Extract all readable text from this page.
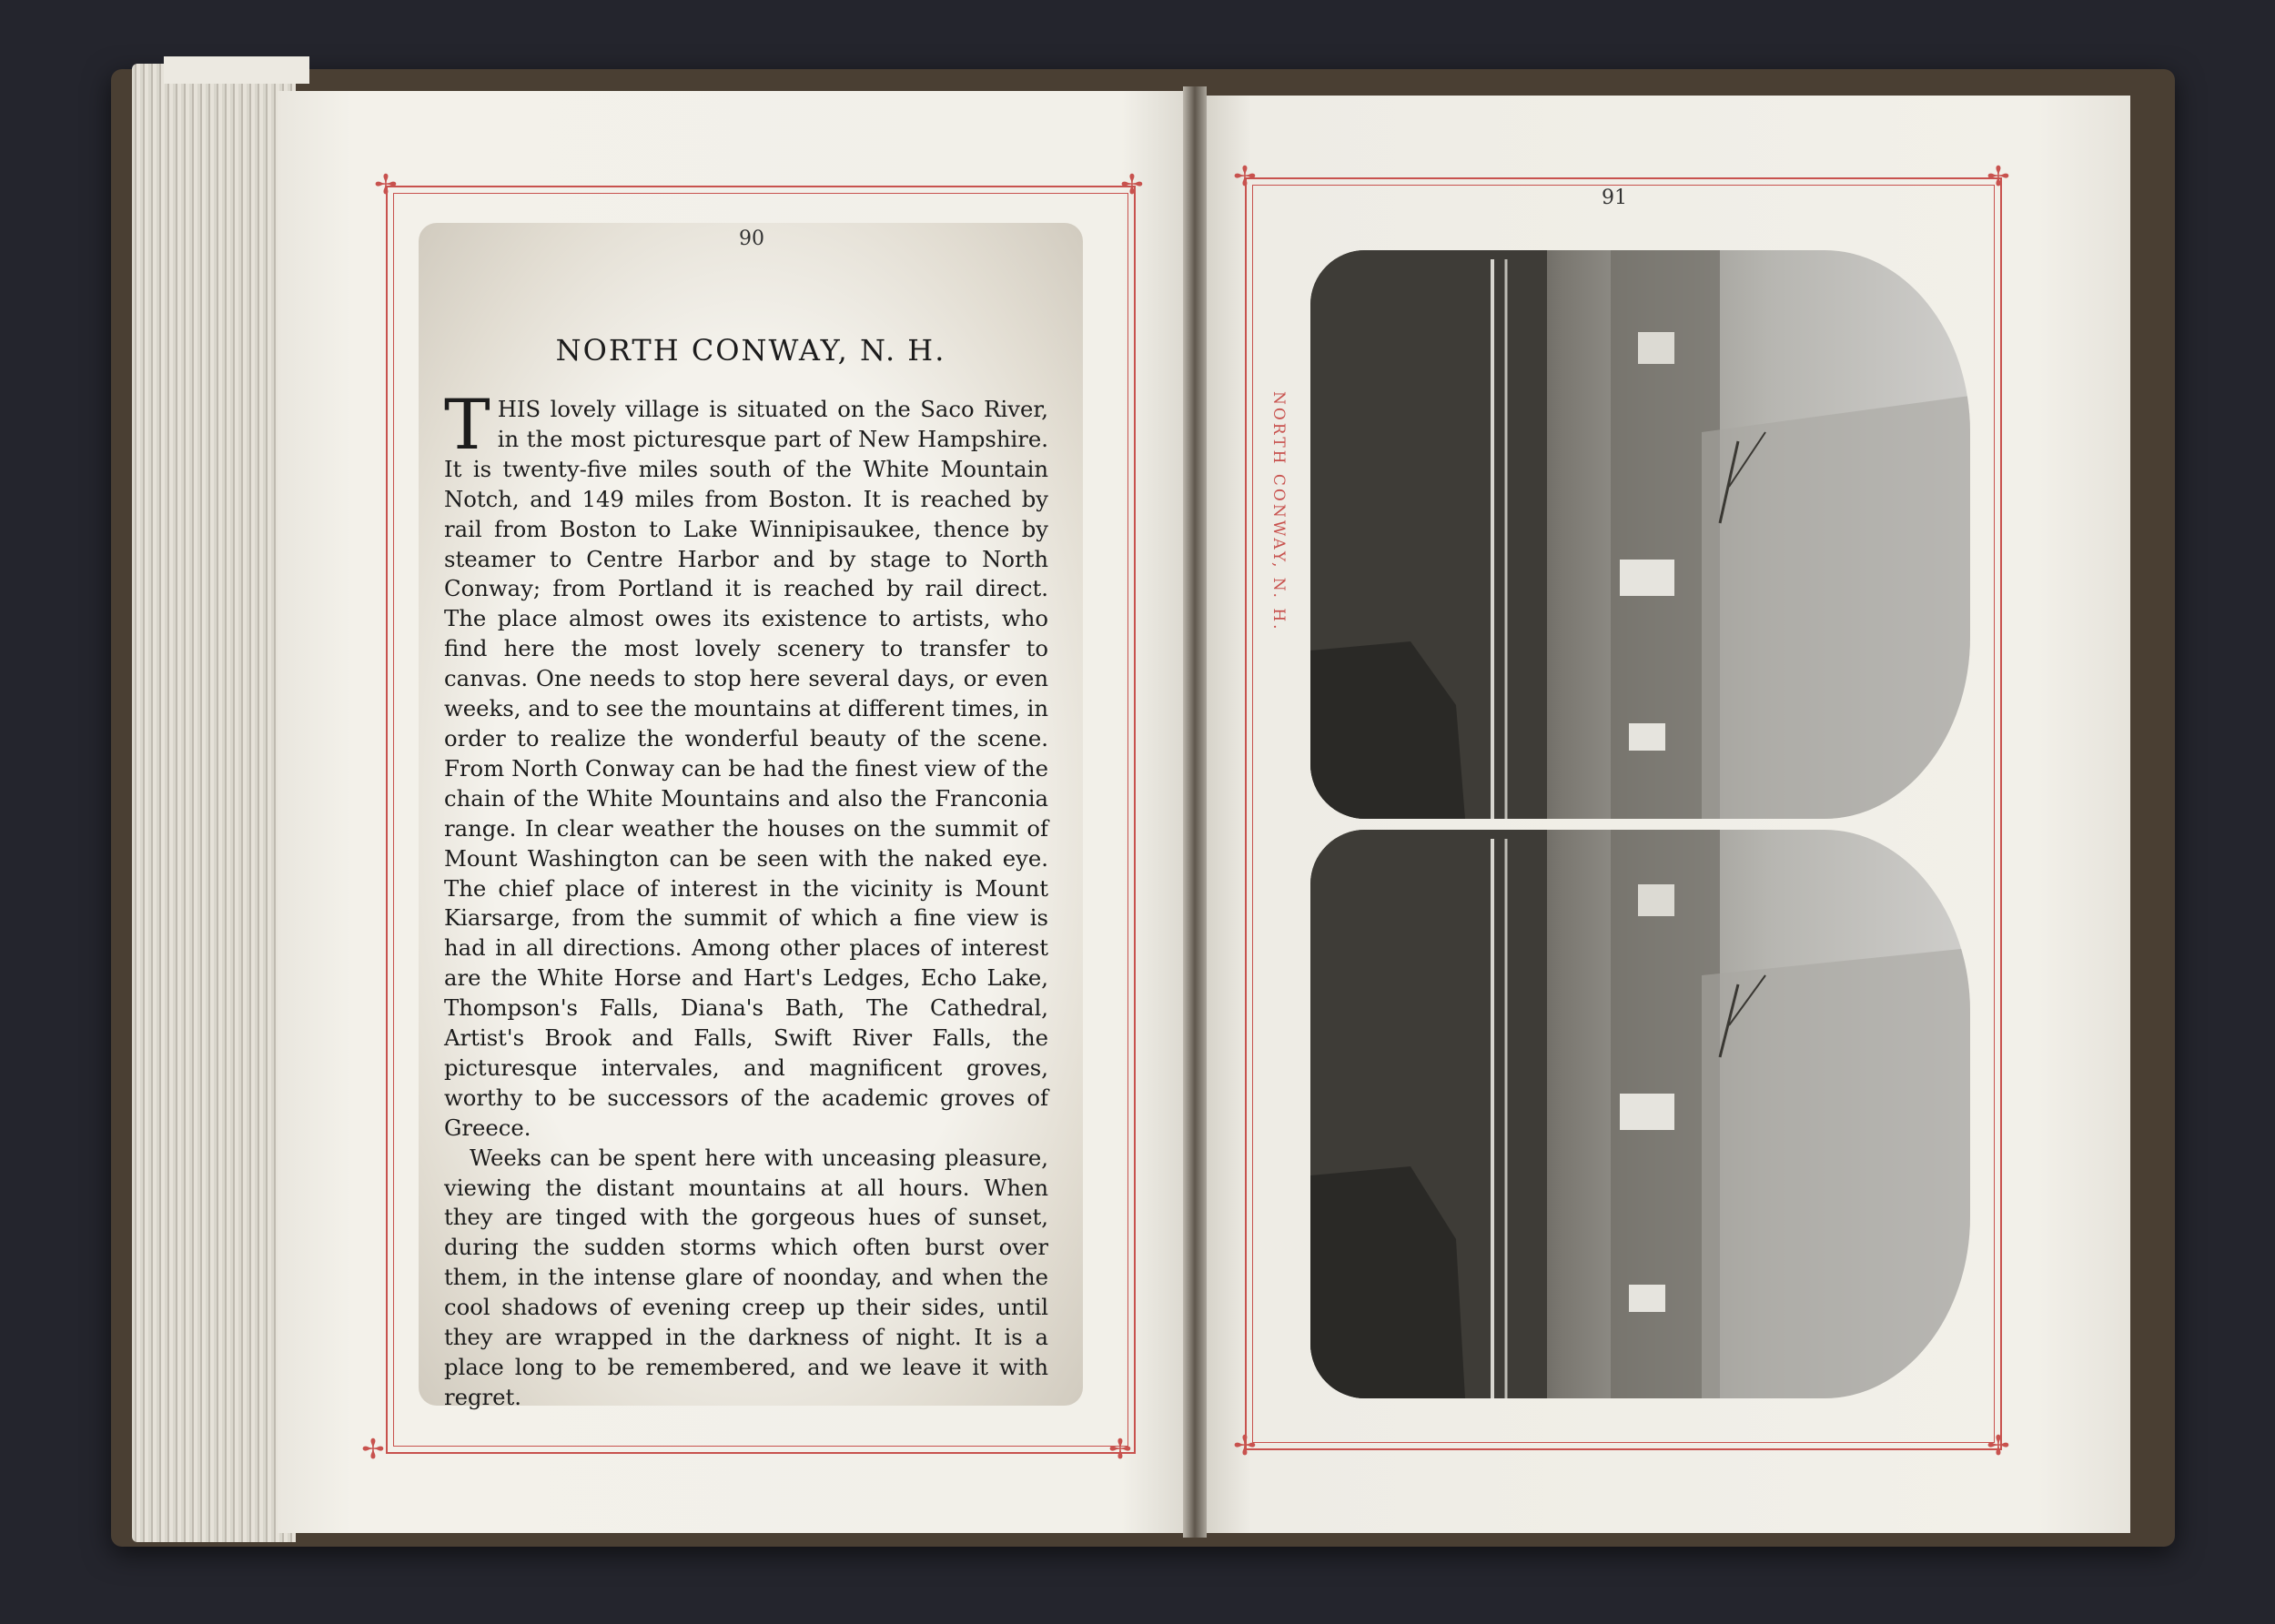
✢	✢
✢	✢
90
NORTH CONWAY, N. H.

THIS lovely village is situated on the Saco River, in the most picturesque part of New Hampshire. It is twenty-five miles south of the White Mountain Notch, and 149 miles from Boston. It is reached by rail from Boston to Lake Winnipisaukee, thence by steamer to Centre Harbor and by stage to North Conway; from Portland it is reached by rail direct. The place almost owes its existence to artists, who find here the most lovely scenery to transfer to canvas. One needs to stop here several days, or even weeks, and to see the mountains at different times, in order to realize the wonderful beauty of the scene. From North Conway can be had the finest view of the chain of the White Mountains and also the Franconia range. In clear weather the houses on the summit of Mount Washington can be seen with the naked eye. The chief place of interest in the vicinity is Mount Kiarsarge, from the summit of which a fine view is had in all directions. Among other places of interest are the White Horse and Hart's Ledges, Echo Lake, Thompson's Falls, Diana's Bath, The Cathedral, Artist's Brook and Falls, Swift River Falls, the picturesque intervales, and magnificent groves, worthy to be successors of the academic groves of Greece.

Weeks can be spent here with unceasing pleasure, viewing the distant mountains at all hours. When they are tinged with the gorgeous hues of sunset, during the sudden storms which often burst over them, in the intense glare of noonday, and when the cool shadows of evening creep up their sides, until they are wrapped in the darkness of night. It is a place long to be remembered, and we leave it with regret.

✢	✢
✢	✢
91
NORTH CONWAY, N. H.
